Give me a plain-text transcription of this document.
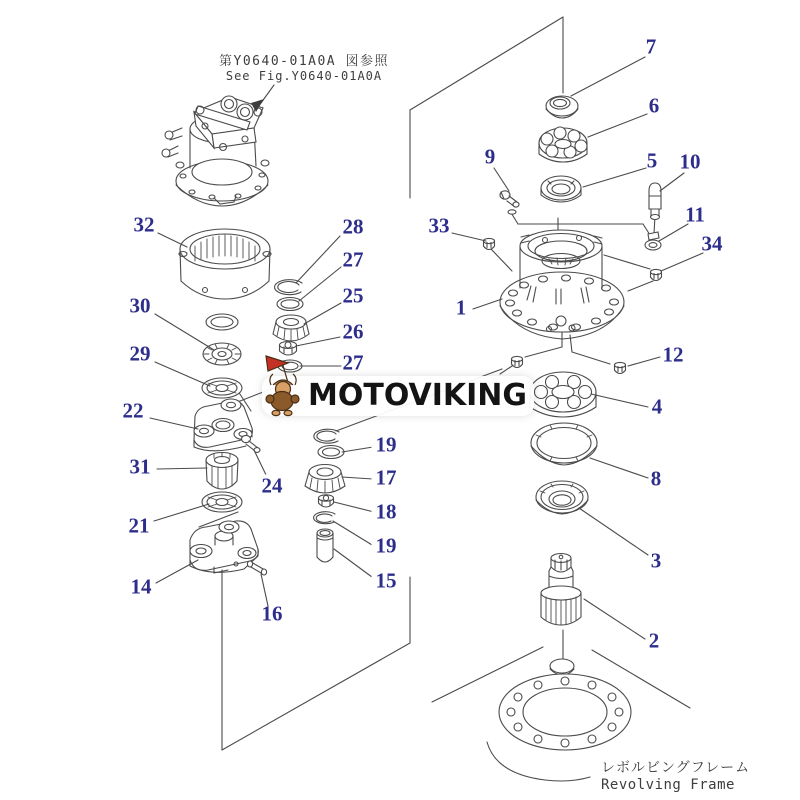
第Y0640-01A0A 図参照
See Fig.Y0640-01A0A
MOTOVIKING
レボルビングフレーム
Revolving Frame
7
6
5 10
9
11
33
34
1
12
4
8
3
2
32
30
29
28
27
25
26
27
22
24
31
21
14
16
19
17
18
19
15
